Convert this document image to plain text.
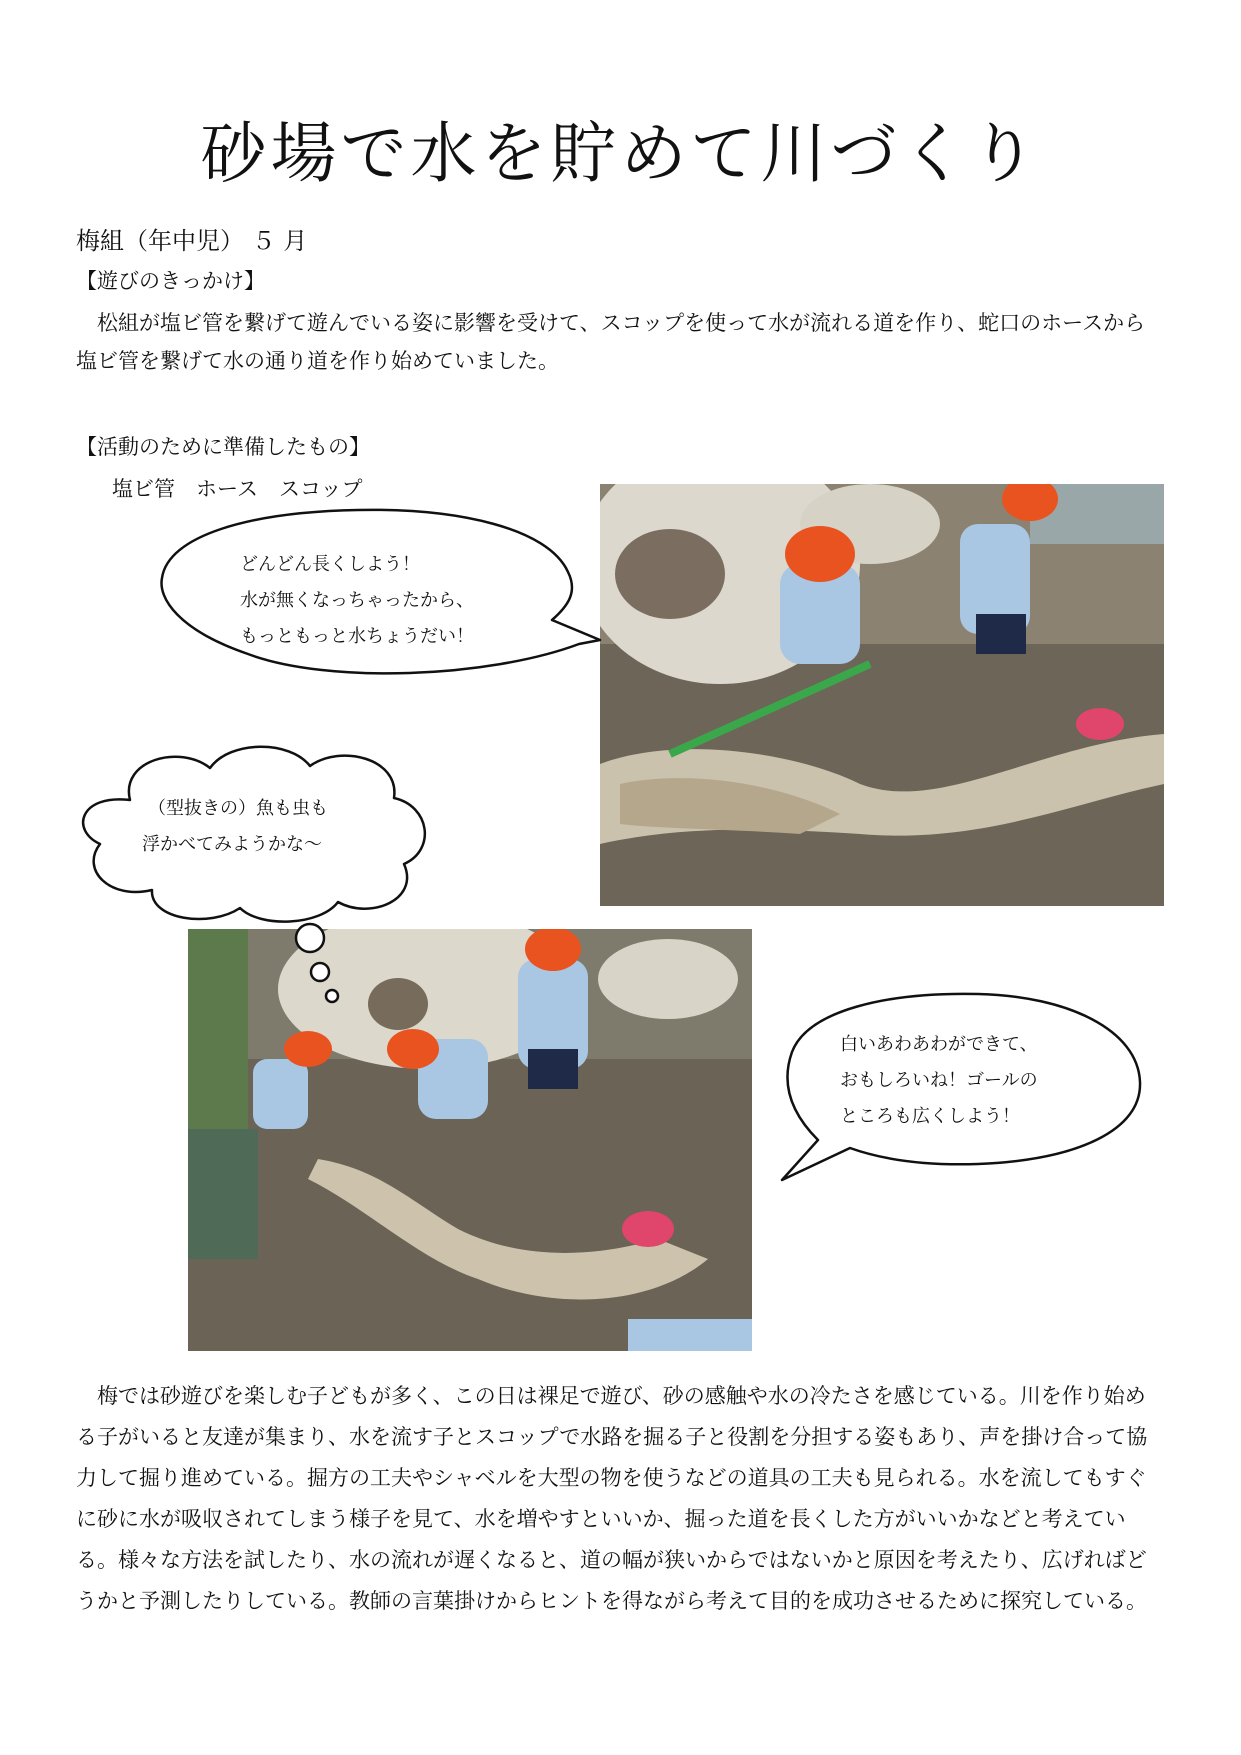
砂場で水を貯めて川づくり
梅組（年中児） ５ 月
【遊びのきっかけ】
　松組が塩ビ管を繋げて遊んでいる姿に影響を受けて、スコップを使って水が流れる道を作り、蛇口のホースから塩ビ管を繋げて水の通り道を作り始めていました。
【活動のために準備したもの】
塩ビ管　ホース　スコップ
どんどん長くしよう！
水が無くなっちゃったから、
もっともっと水ちょうだい！
（型抜きの）魚も虫も
浮かべてみようかな～
白いあわあわができて、
おもしろいね！ゴールの
ところも広くしよう！
　梅では砂遊びを楽しむ子どもが多く、この日は裸足で遊び、砂の感触や水の冷たさを感じている。川を作り始める子がいると友達が集まり、水を流す子とスコップで水路を掘る子と役割を分担する姿もあり、声を掛け合って協力して掘り進めている。掘方の工夫やシャベルを大型の物を使うなどの道具の工夫も見られる。水を流してもすぐに砂に水が吸収されてしまう様子を見て、水を増やすといいか、掘った道を長くした方がいいかなどと考えている。様々な方法を試したり、水の流れが遅くなると、道の幅が狭いからではないかと原因を考えたり、広げればどうかと予測したりしている。教師の言葉掛けからヒントを得ながら考えて目的を成功させるために探究している。
